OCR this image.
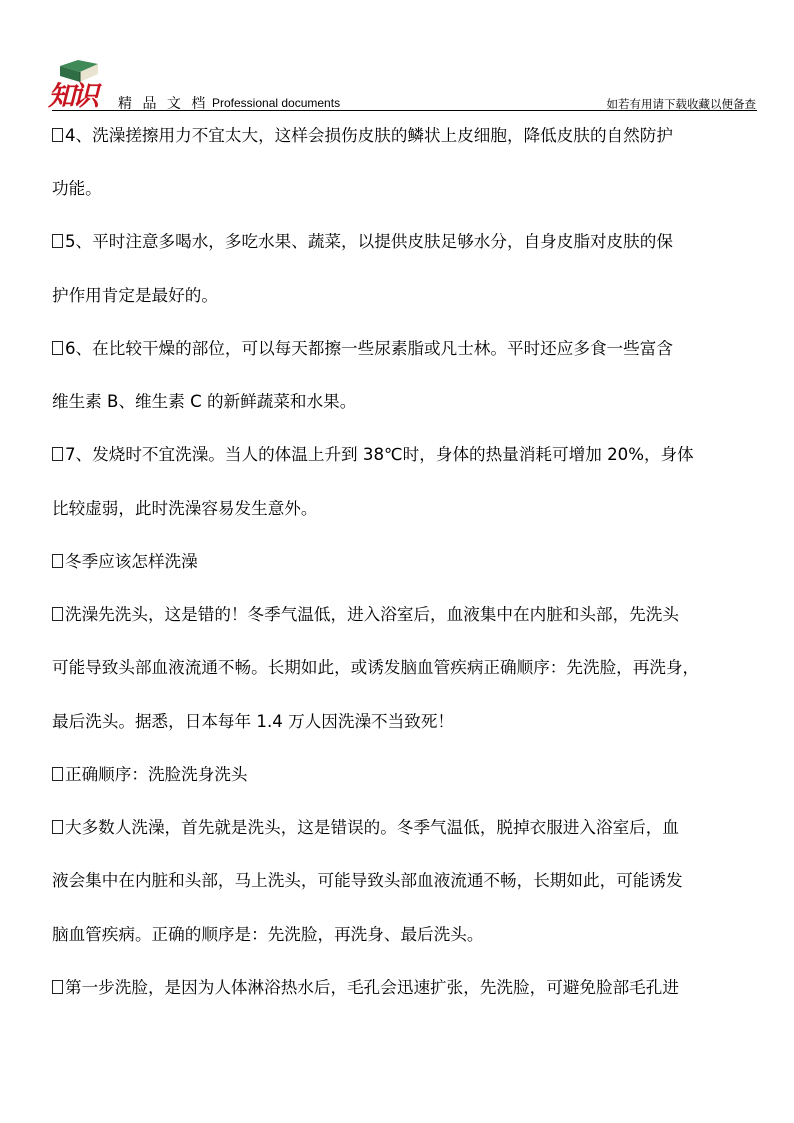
知识 精 品 文 档 Professional documents	如若有用请下载收藏以便备查
4、洗澡搓擦用力不宜太大，这样会损伤皮肤的鳞状上皮细胞，降低皮肤的自然防护
功能。
5、平时注意多喝水，多吃水果、蔬菜，以提供皮肤足够水分，自身皮脂对皮肤的保
护作用肯定是最好的。
6、在比较干燥的部位，可以每天都擦一些尿素脂或凡士林。平时还应多食一些富含
维生素 B、维生素 C 的新鲜蔬菜和水果。
7、发烧时不宜洗澡。当人的体温上升到 38℃时，身体的热量消耗可增加 20%，身体
比较虚弱，此时洗澡容易发生意外。
冬季应该怎样洗澡
洗澡先洗头，这是错的！冬季气温低，进入浴室后，血液集中在内脏和头部，先洗头
可能导致头部血液流通不畅。长期如此，或诱发脑血管疾病正确顺序：先洗脸，再洗身，
最后洗头。据悉，日本每年 1.4 万人因洗澡不当致死！
正确顺序：洗脸洗身洗头
大多数人洗澡，首先就是洗头，这是错误的。冬季气温低，脱掉衣服进入浴室后，血
液会集中在内脏和头部，马上洗头，可能导致头部血液流通不畅，长期如此，可能诱发
脑血管疾病。正确的顺序是：先洗脸，再洗身、最后洗头。
第一步洗脸，是因为人体淋浴热水后，毛孔会迅速扩张，先洗脸，可避免脸部毛孔进
